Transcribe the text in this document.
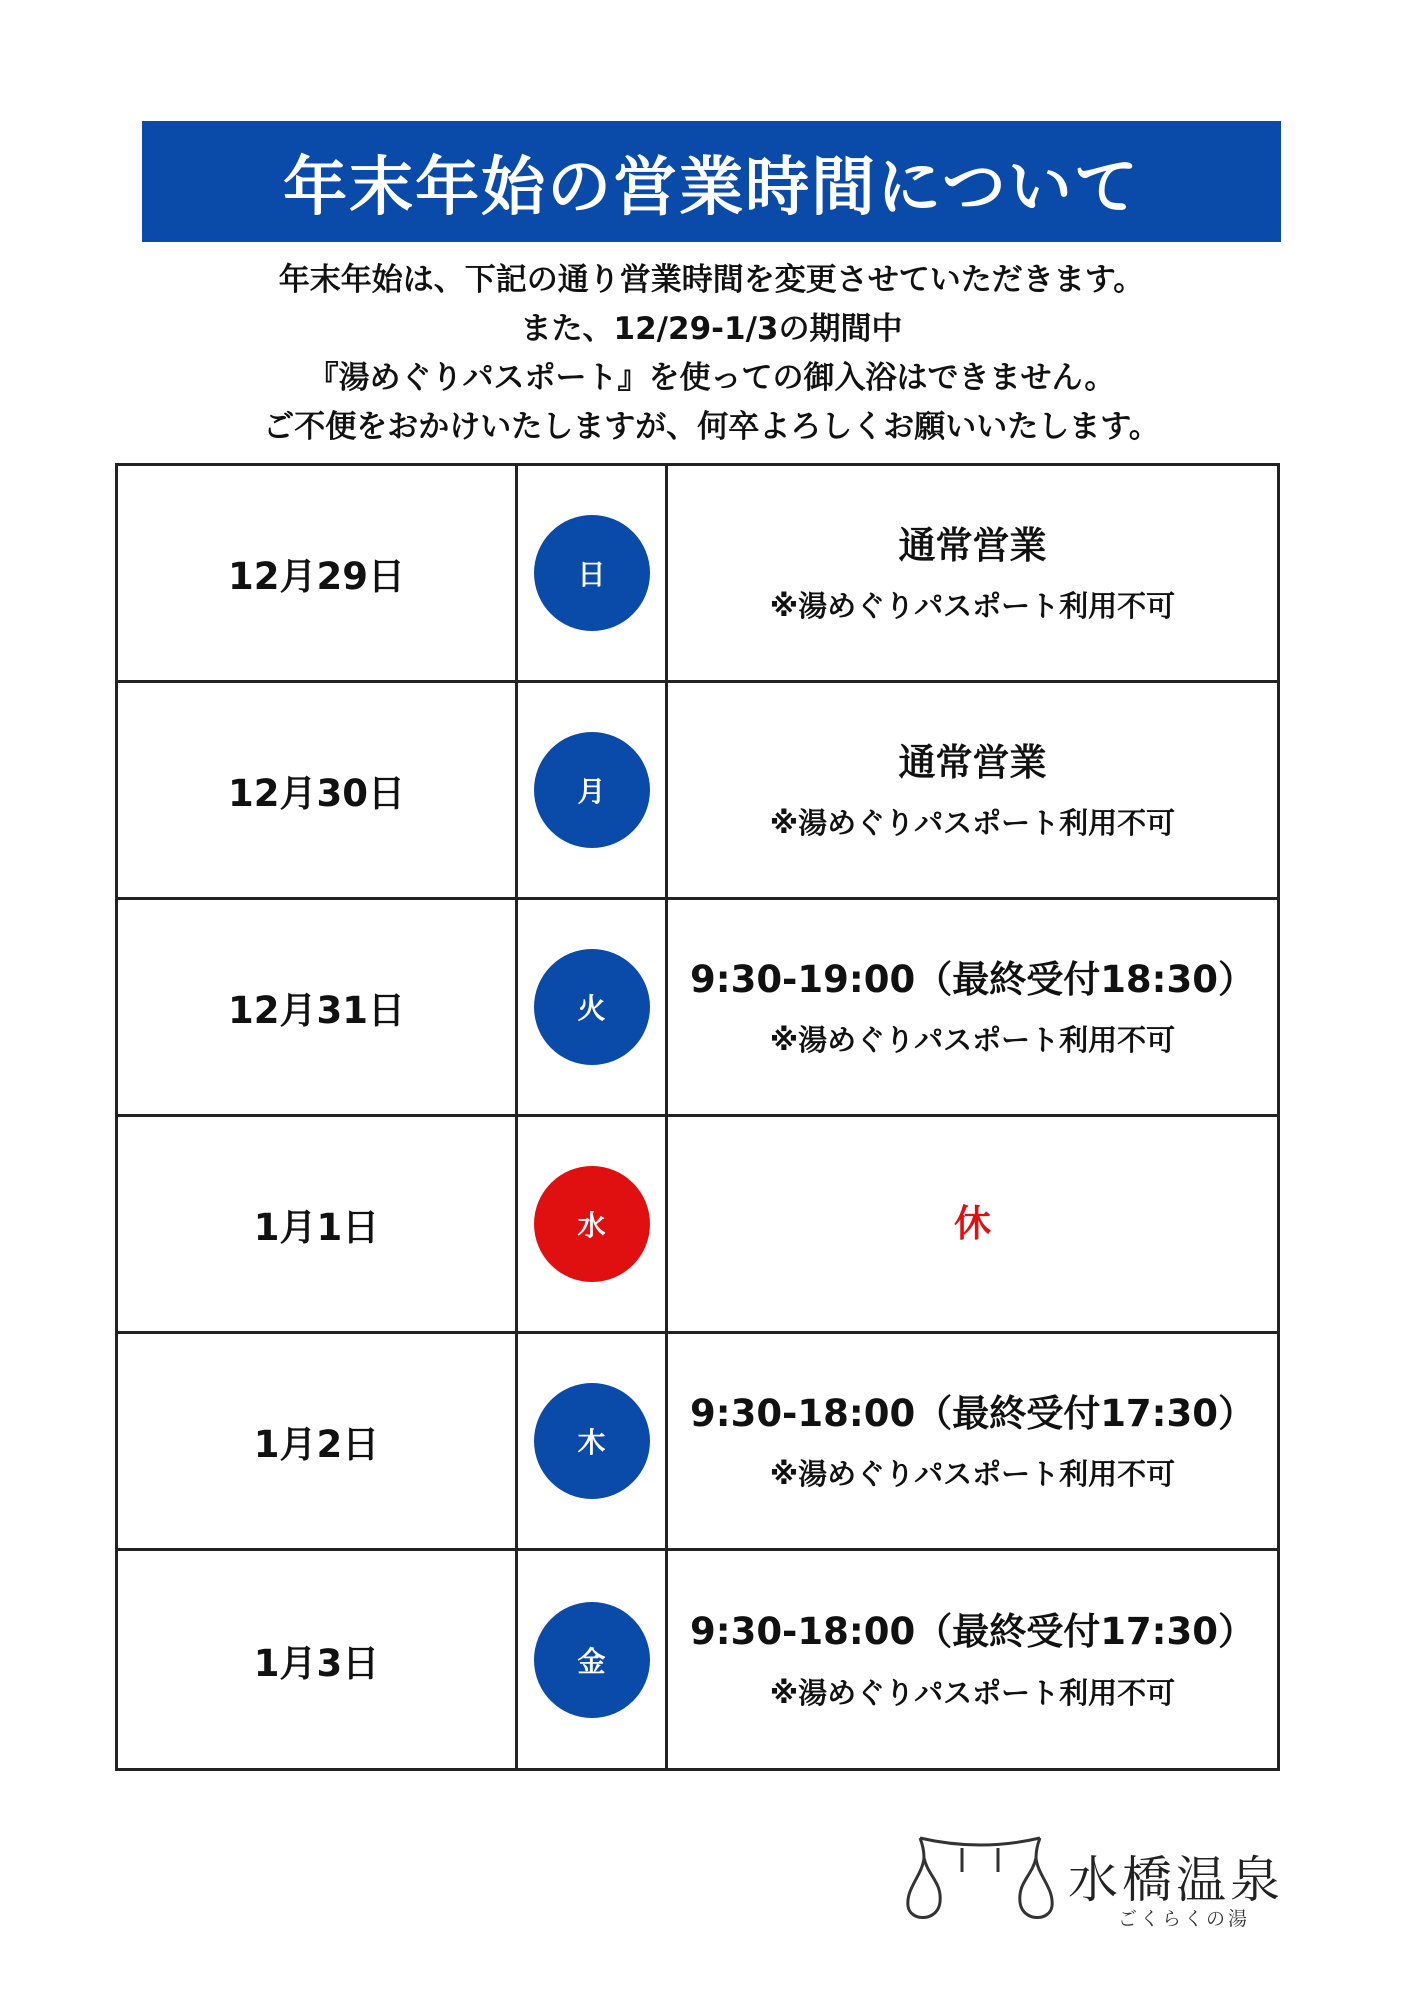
年末年始の営業時間について
年末年始は、下記の通り営業時間を変更させていただきます。
また、12/29-1/3の期間中
『湯めぐりパスポート』を使っての御入浴はできません。
ご不便をおかけいたしますが、何卒よろしくお願いいたします。
12月29日	日
通常営業
※湯めぐりパスポート利用不可
12月30日	月
通常営業
※湯めぐりパスポート利用不可
12月31日	火
9:30-19:00（最終受付18:30）
※湯めぐりパスポート利用不可
1月1日	水	休
1月2日	木
9:30-18:00（最終受付17:30）
※湯めぐりパスポート利用不可
1月3日	金
9:30-18:00（最終受付17:30）
※湯めぐりパスポート利用不可
水橋温泉
ごくらくの湯
